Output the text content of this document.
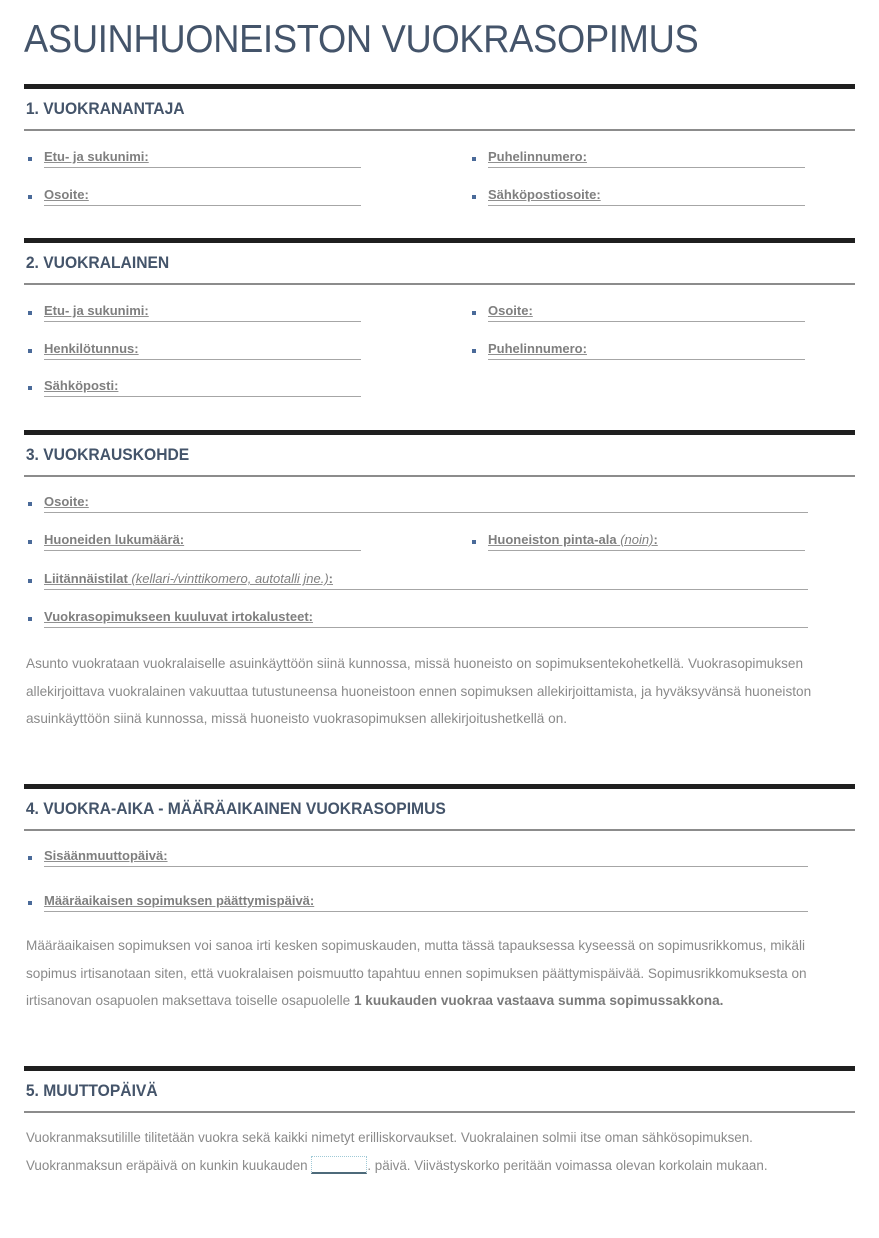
ASUINHUONEISTON VUOKRASOPIMUS
1. VUOKRANANTAJA
Etu- ja sukunimi:	Puhelinnumero:
Osoite:	Sähköpostiosoite:
2. VUOKRALAINEN
Etu- ja sukunimi:	Osoite:
Henkilötunnus:	Puhelinnumero:
Sähköposti:
3. VUOKRAUSKOHDE
Osoite:
Huoneiden lukumäärä:	Huoneiston pinta-ala (noin):
Liitännäistilat (kellari-/vinttikomero, autotalli jne.):
Vuokrasopimukseen kuuluvat irtokalusteet:

Asunto vuokrataan vuokralaiselle asuinkäyttöön siinä kunnossa, missä huoneisto on sopimuksentekohetkellä. Vuokrasopimuksen allekirjoittava vuokralainen vakuuttaa tutustuneensa huoneistoon ennen sopimuksen allekirjoittamista, ja hyväksyvänsä huoneiston asuinkäyttöön siinä kunnossa, missä huoneisto vuokrasopimuksen allekirjoitushetkellä on.

4. VUOKRA-AIKA - MÄÄRÄAIKAINEN VUOKRASOPIMUS
Sisäänmuuttopäivä:
Määräaikaisen sopimuksen päättymispäivä:

Määräaikaisen sopimuksen voi sanoa irti kesken sopimuskauden, mutta tässä tapauksessa kyseessä on sopimusrikkomus, mikäli sopimus irtisanotaan siten, että vuokralaisen poismuutto tapahtuu ennen sopimuksen päättymispäivää. Sopimusrikkomuksesta on irtisanovan osapuolen maksettava toiselle osapuolelle 1 kuukauden vuokraa vastaava summa sopimussakkona.

5. MUUTTOPÄIVÄ

Vuokranmaksutilille tilitetään vuokra sekä kaikki nimetyt erilliskorvaukset. Vuokralainen solmii itse oman sähkösopimuksen. Vuokranmaksun eräpäivä on kunkin kuukauden	. päivä. Viivästyskorko peritään voimassa olevan korkolain mukaan.
